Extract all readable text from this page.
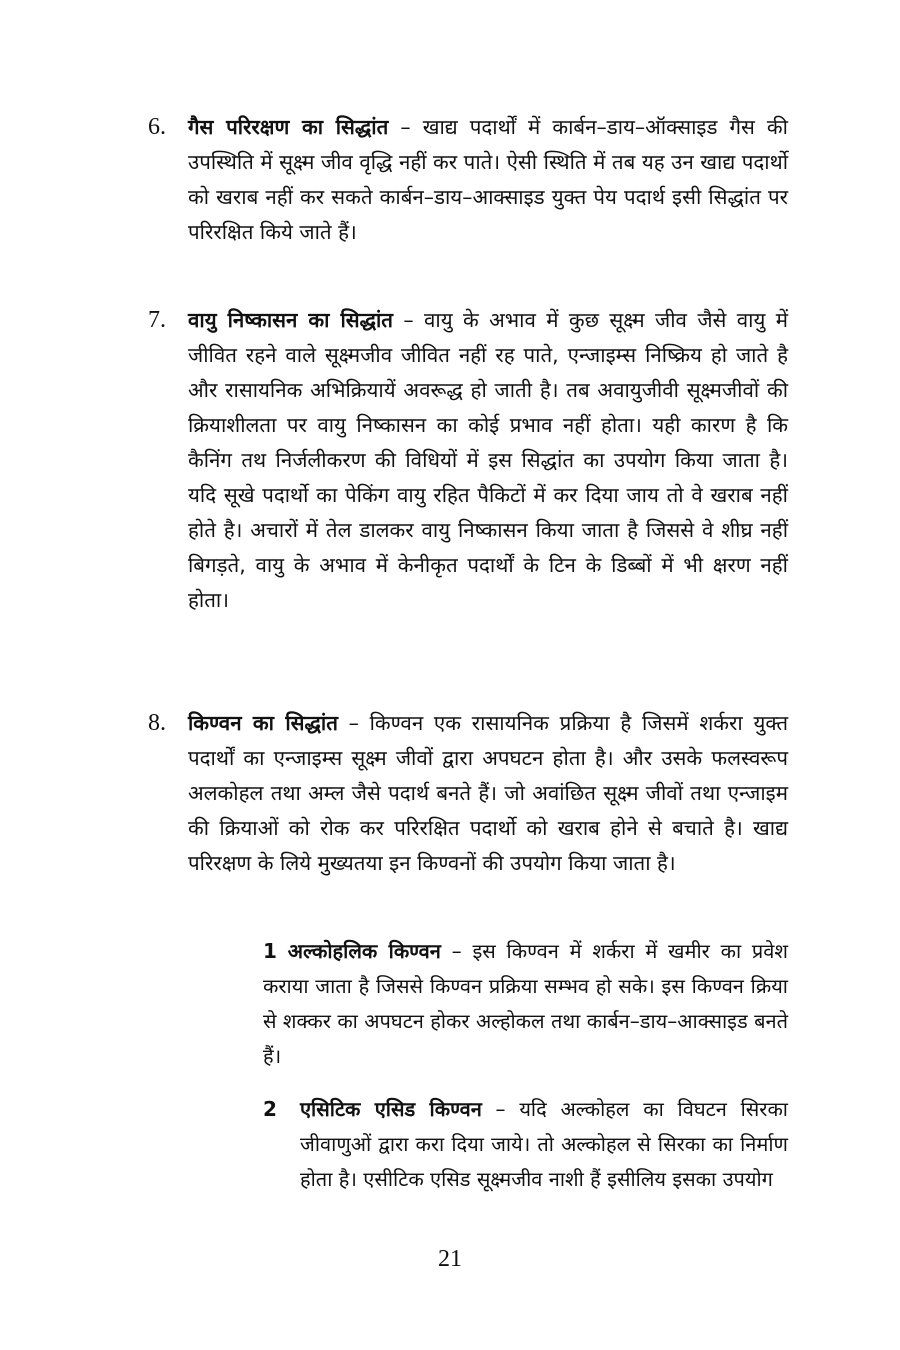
6. गैस परिरक्षण का सिद्धांत – खाद्य पदार्थों में कार्बन–डाय–ऑक्साइड गैस की उपस्थिति में सूक्ष्म जीव वृद्धि नहीं कर पाते। ऐसी स्थिति में तब यह उन खाद्य पदार्थो को खराब नहीं कर सकते कार्बन–डाय–आक्साइड युक्त पेय पदार्थ इसी सिद्धांत पर परिरक्षित किये जाते हैं।
7. वायु निष्कासन का सिद्धांत – वायु के अभाव में कुछ सूक्ष्म जीव जैसे वायु में जीवित रहने वाले सूक्ष्मजीव जीवित नहीं रह पाते, एन्जाइम्स निष्क्रिय हो जाते है और रासायनिक अभिक्रियायें अवरूद्ध हो जाती है। तब अवायुजीवी सूक्ष्मजीवों की क्रियाशीलता पर वायु निष्कासन का कोई प्रभाव नहीं होता। यही कारण है कि कैनिंग तथ निर्जलीकरण की विधियों में इस सिद्धांत का उपयोग किया जाता है। यदि सूखे पदार्थो का पेकिंग वायु रहित पैकिटों में कर दिया जाय तो वे खराब नहीं होते है। अचारों में तेल डालकर वायु निष्कासन किया जाता है जिससे वे शीघ्र नहीं बिगड़ते, वायु के अभाव में केनीकृत पदार्थों के टिन के डिब्बों में भी क्षरण नहीं होता।
8. किण्वन का सिद्धांत – किण्वन एक रासायनिक प्रक्रिया है जिसमें शर्करा युक्त पदार्थों का एन्जाइम्स सूक्ष्म जीवों द्वारा अपघटन होता है। और उसके फलस्वरूप अलकोहल तथा अम्ल जैसे पदार्थ बनते हैं। जो अवांछित सूक्ष्म जीवों तथा एन्जाइम की क्रियाओं को रोक कर परिरक्षित पदार्थो को खराब होने से बचाते है। खाद्य परिरक्षण के लिये मुख्यतया इन किण्वनों की उपयोग किया जाता है।
1 अल्कोहलिक किण्वन – इस किण्वन में शर्करा में खमीर का प्रवेश कराया जाता है जिससे किण्वन प्रक्रिया सम्भव हो सके। इस किण्वन क्रिया से शक्कर का अपघटन होकर अल्होकल तथा कार्बन–डाय–आक्साइड बनते हैं।
2 एसिटिक एसिड किण्वन – यदि अल्कोहल का विघटन सिरका जीवाणुओं द्वारा करा दिया जाये। तो अल्कोहल से सिरका का निर्माण होता है। एसीटिक एसिड सूक्ष्मजीव नाशी हैं इसीलिय इसका उपयोग
21
